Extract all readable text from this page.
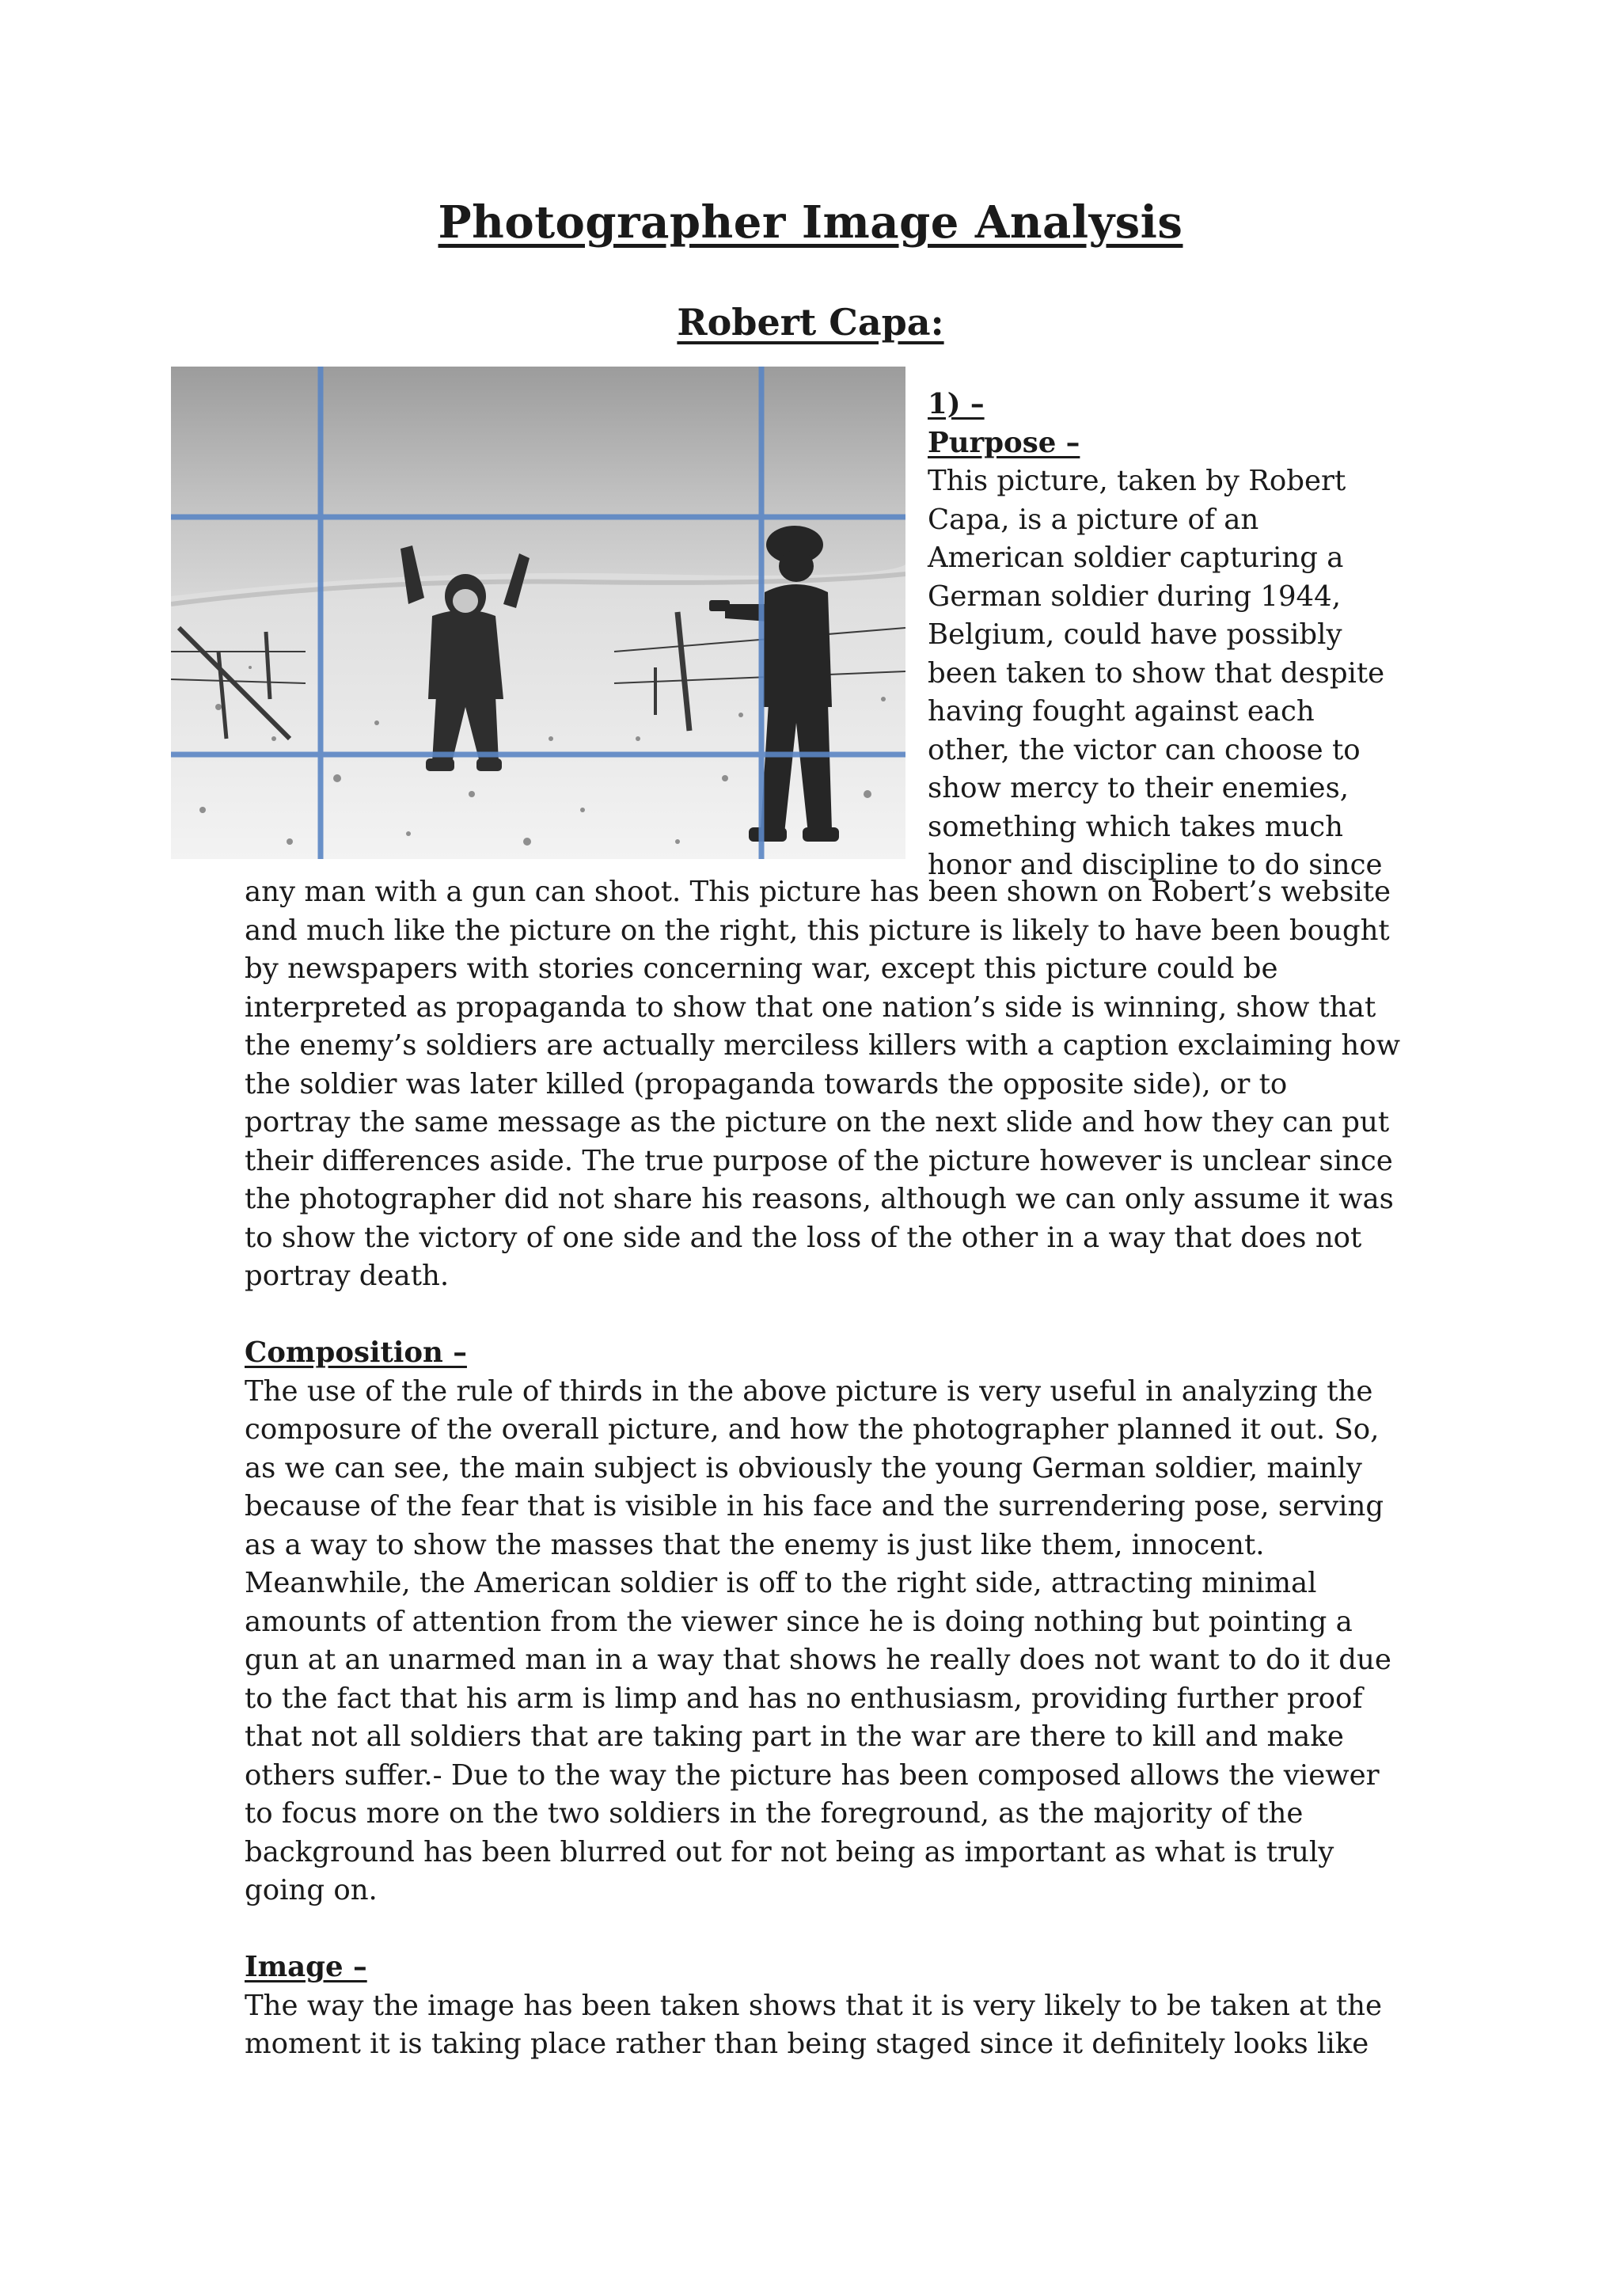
Photographer Image Analysis
Robert Capa:
1) –
Purpose –
This picture, taken by Robert
Capa, is a picture of an
American soldier capturing a
German soldier during 1944,
Belgium, could have possibly
been taken to show that despite
having fought against each
other, the victor can choose to
show mercy to their enemies,
something which takes much
honor and discipline to do since
any man with a gun can shoot. This picture has been shown on Robert’s website
and much like the picture on the right, this picture is likely to have been bought
by newspapers with stories concerning war, except this picture could be
interpreted as propaganda to show that one nation’s side is winning, show that
the enemy’s soldiers are actually merciless killers with a caption exclaiming how
the soldier was later killed (propaganda towards the opposite side), or to
portray the same message as the picture on the next slide and how they can put
their differences aside. The true purpose of the picture however is unclear since
the photographer did not share his reasons, although we can only assume it was
to show the victory of one side and the loss of the other in a way that does not
portray death.
Composition –
The use of the rule of thirds in the above picture is very useful in analyzing the
composure of the overall picture, and how the photographer planned it out. So,
as we can see, the main subject is obviously the young German soldier, mainly
because of the fear that is visible in his face and the surrendering pose, serving
as a way to show the masses that the enemy is just like them, innocent.
Meanwhile, the American soldier is off to the right side, attracting minimal
amounts of attention from the viewer since he is doing nothing but pointing a
gun at an unarmed man in a way that shows he really does not want to do it due
to the fact that his arm is limp and has no enthusiasm, providing further proof
that not all soldiers that are taking part in the war are there to kill and make
others suffer.- Due to the way the picture has been composed allows the viewer
to focus more on the two soldiers in the foreground, as the majority of the
background has been blurred out for not being as important as what is truly
going on.
Image –
The way the image has been taken shows that it is very likely to be taken at the
moment it is taking place rather than being staged since it definitely looks like
